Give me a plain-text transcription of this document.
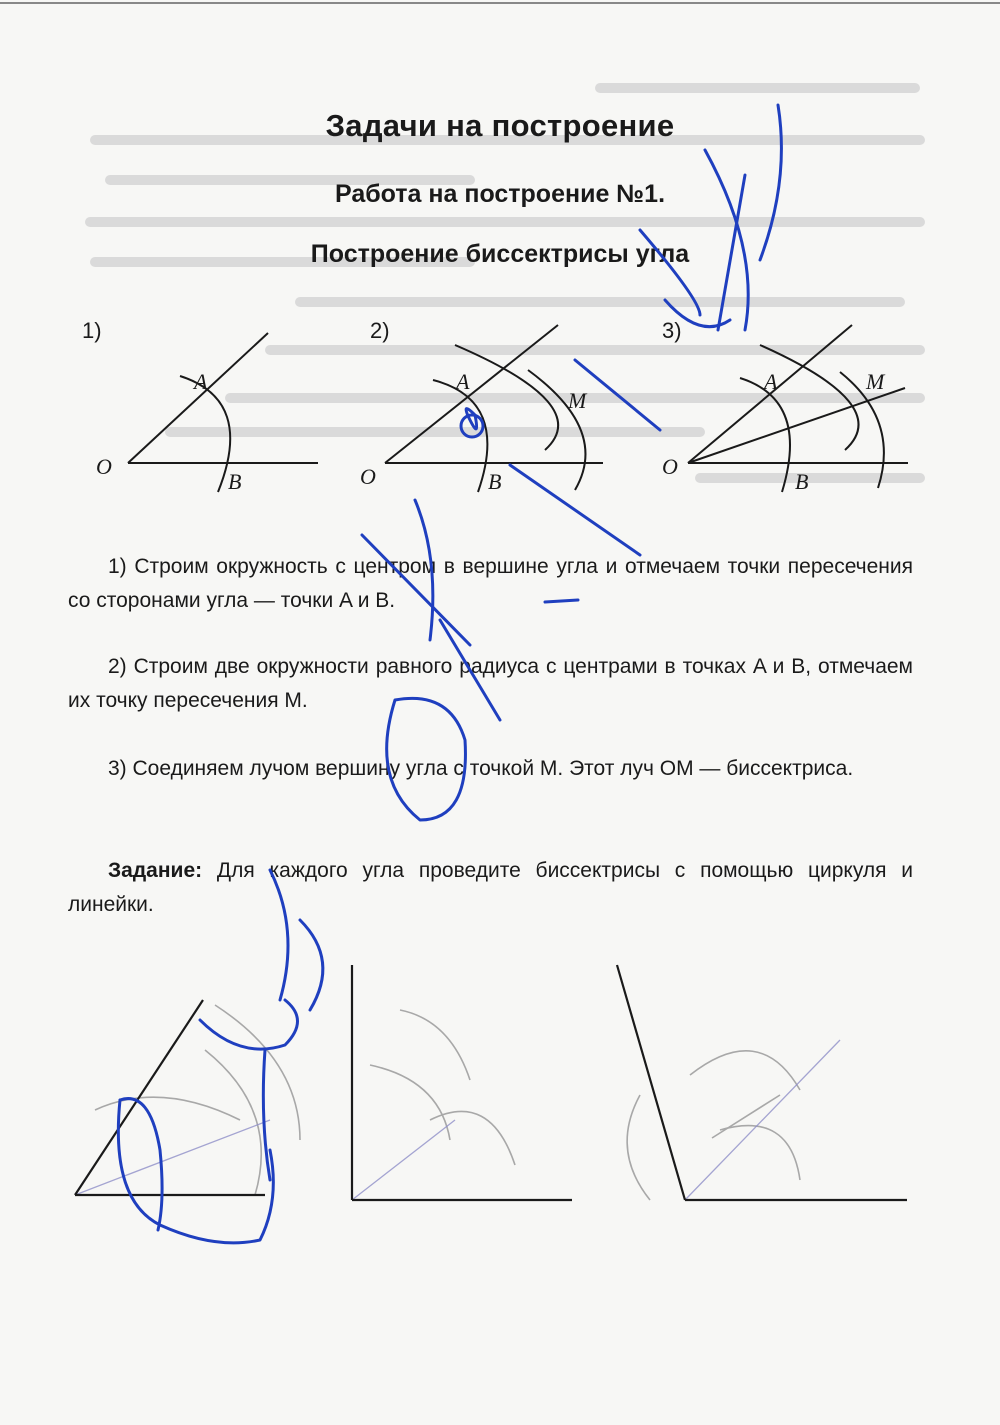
Задачи на построение
Работа на построение №1.
Построение биссектрисы угла
1)	2)	3)
O
A
B	O
A
B
M
O
A
B
M
1) Строим окружность с центром в вершине угла и отмечаем точки пересечения со сторонами угла — точки A и B.
2) Строим две окружности равного радиуса с центрами в точках A и B, отмечаем их точку пересечения M.
3) Соединяем лучом вершину угла с точкой M. Этот луч OM — биссектриса.
Задание: Для каждого угла проведите биссектрисы с помощью циркуля и линейки.
